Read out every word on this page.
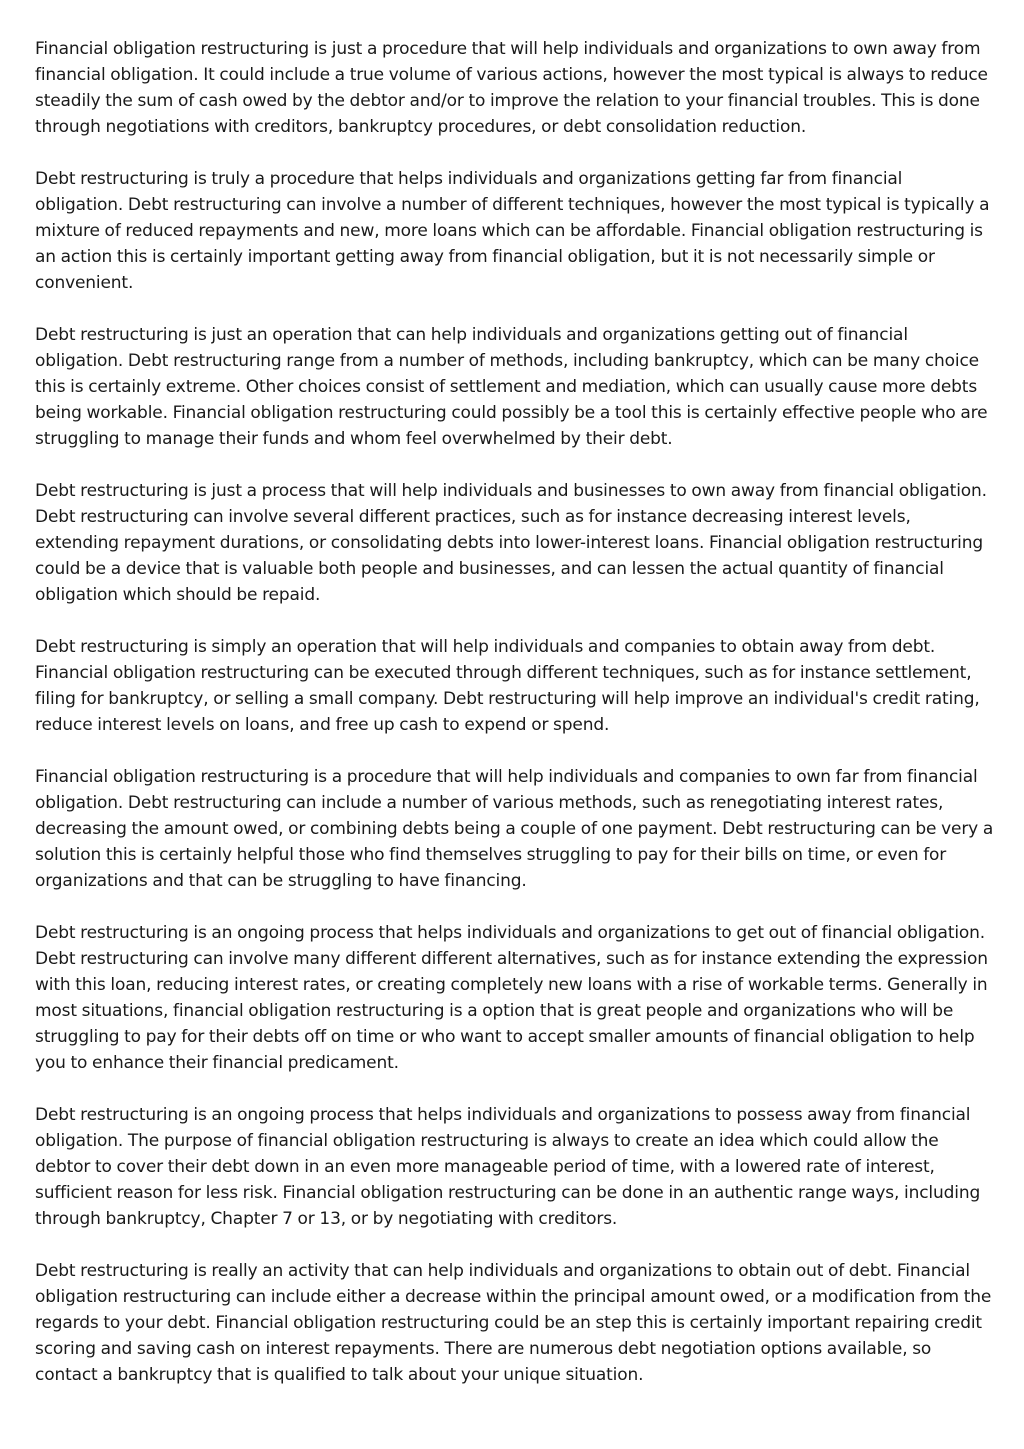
Financial obligation restructuring is just a procedure that will help individuals and organizations to own away from financial obligation. It could include a true volume of various actions, however the most typical is always to reduce steadily the sum of cash owed by the debtor and/or to improve the relation to your financial troubles. This is done through negotiations with creditors, bankruptcy procedures, or debt consolidation reduction.

Debt restructuring is truly a procedure that helps individuals and organizations getting far from financial obligation. Debt restructuring can involve a number of different techniques, however the most typical is typically a mixture of reduced repayments and new, more loans which can be affordable. Financial obligation restructuring is an action this is certainly important getting away from financial obligation, but it is not necessarily simple or convenient.

Debt restructuring is just an operation that can help individuals and organizations getting out of financial obligation. Debt restructuring range from a number of methods, including bankruptcy, which can be many choice this is certainly extreme. Other choices consist of settlement and mediation, which can usually cause more debts being workable. Financial obligation restructuring could possibly be a tool this is certainly effective people who are struggling to manage their funds and whom feel overwhelmed by their debt.

Debt restructuring is just a process that will help individuals and businesses to own away from financial obligation. Debt restructuring can involve several different practices, such as for instance decreasing interest levels, extending repayment durations, or consolidating debts into lower-interest loans. Financial obligation restructuring could be a device that is valuable both people and businesses, and can lessen the actual quantity of financial obligation which should be repaid.

Debt restructuring is simply an operation that will help individuals and companies to obtain away from debt. Financial obligation restructuring can be executed through different techniques, such as for instance settlement, filing for bankruptcy, or selling a small company. Debt restructuring will help improve an individual's credit rating, reduce interest levels on loans, and free up cash to expend or spend.

Financial obligation restructuring is a procedure that will help individuals and companies to own far from financial obligation. Debt restructuring can include a number of various methods, such as renegotiating interest rates, decreasing the amount owed, or combining debts being a couple of one payment. Debt restructuring can be very a solution this is certainly helpful those who find themselves struggling to pay for their bills on time, or even for organizations and that can be struggling to have financing.

Debt restructuring is an ongoing process that helps individuals and organizations to get out of financial obligation. Debt restructuring can involve many different different alternatives, such as for instance extending the expression with this loan, reducing interest rates, or creating completely new loans with a rise of workable terms. Generally in most situations, financial obligation restructuring is a option that is great people and organizations who will be struggling to pay for their debts off on time or who want to accept smaller amounts of financial obligation to help you to enhance their financial predicament.

Debt restructuring is an ongoing process that helps individuals and organizations to possess away from financial obligation. The purpose of financial obligation restructuring is always to create an idea which could allow the debtor to cover their debt down in an even more manageable period of time, with a lowered rate of interest, sufficient reason for less risk. Financial obligation restructuring can be done in an authentic range ways, including through bankruptcy, Chapter 7 or 13, or by negotiating with creditors.

Debt restructuring is really an activity that can help individuals and organizations to obtain out of debt. Financial obligation restructuring can include either a decrease within the principal amount owed, or a modification from the regards to your debt. Financial obligation restructuring could be an step this is certainly important repairing credit scoring and saving cash on interest repayments. There are numerous debt negotiation options available, so contact a bankruptcy that is qualified to talk about your unique situation.
